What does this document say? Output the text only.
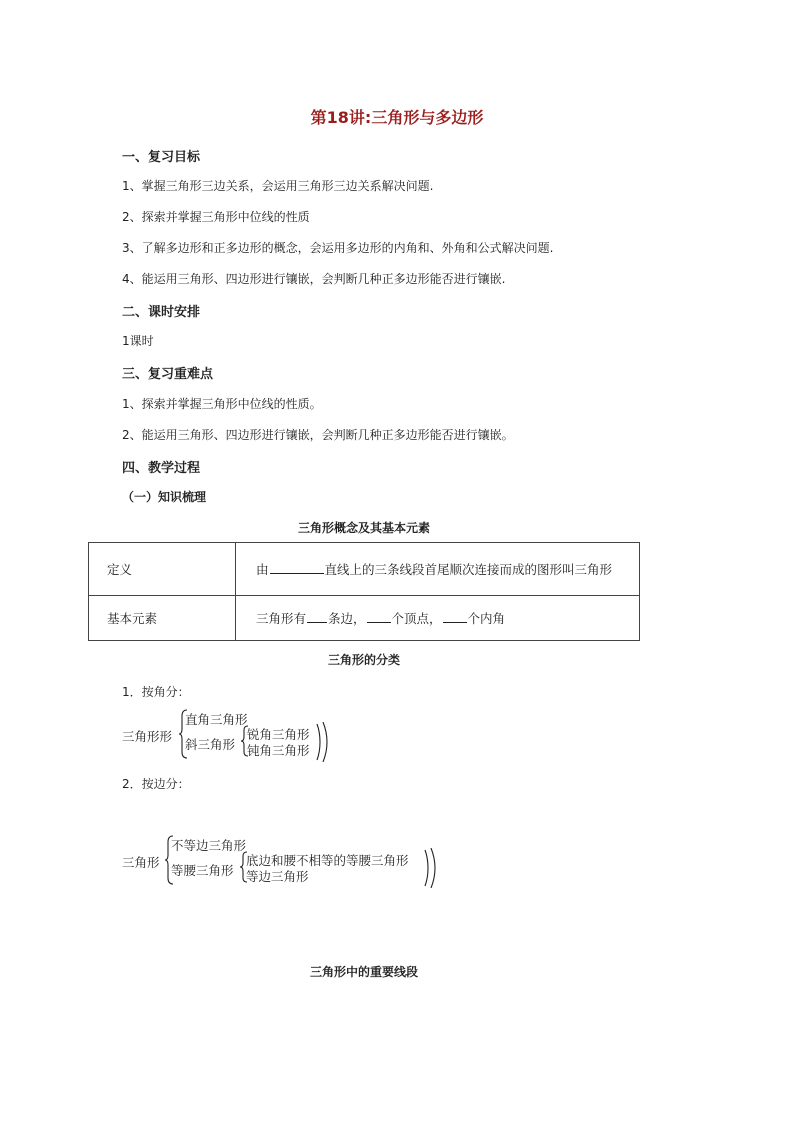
第18讲:三角形与多边形
一、复习目标
1、掌握三角形三边关系，会运用三角形三边关系解决问题.
2、探索并掌握三角形中位线的性质
3、了解多边形和正多边形的概念，会运用多边形的内角和、外角和公式解决问题.
4、能运用三角形、四边形进行镶嵌，会判断几种正多边形能否进行镶嵌.
二、课时安排
1课时
三、复习重难点
1、探索并掌握三角形中位线的性质。
2、能运用三角形、四边形进行镶嵌，会判断几种正多边形能否进行镶嵌。
四、教学过程
（一）知识梳理
三角形概念及其基本元素
定义	由 直线上的三条线段首尾顺次连接而成的图形叫三角形
基本元素	三角形有 条边， 个顶点， 个内角
三角形的分类
1．按角分：
三角形形
直角三角形
斜三角形
锐角三角形
钝角三角形
2．按边分：
三角形
不等边三角形
等腰三角形
底边和腰不相等的等腰三角形
等边三角形
三角形中的重要线段
